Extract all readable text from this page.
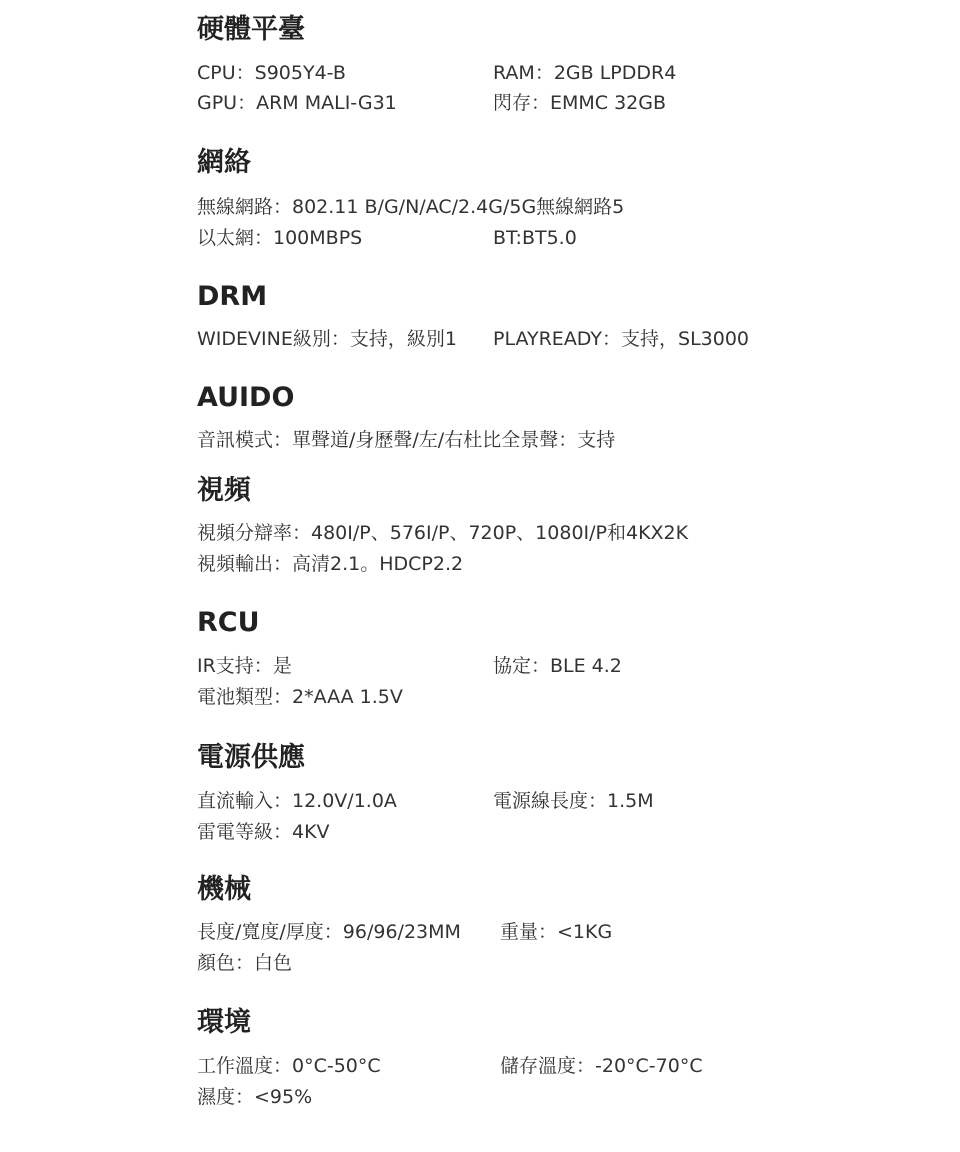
硬體平臺
CPU：S905Y4-B	RAM：2GB LPDDR4
GPU：ARM MALI-G31	閃存：EMMC 32GB
網絡
無線網路：802.11 B/G/N/AC/2.4G/5G無線網路5
以太網：100MBPS	BT:BT5.0
DRM
WIDEVINE級別：支持，級別1 PLAYREADY：支持，SL3000
AUIDO
音訊模式：單聲道/身歷聲/左/右杜比全景聲：支持
視頻
視頻分辯率：480I/P、576I/P、720P、1080I/P和4KX2K
視頻輸出：高清2.1。HDCP2.2
RCU
IR支持：是	協定：BLE 4.2
電池類型：2*AAA 1.5V
電源供應
直流輸入：12.0V/1.0A	電源線長度：1.5M
雷電等級：4KV
機械
長度/寬度/厚度：96/96/23MM 重量：<1KG
顏色：白色
環境
工作溫度：0°C-50°C	儲存溫度：-20°C-70°C
濕度：<95%
